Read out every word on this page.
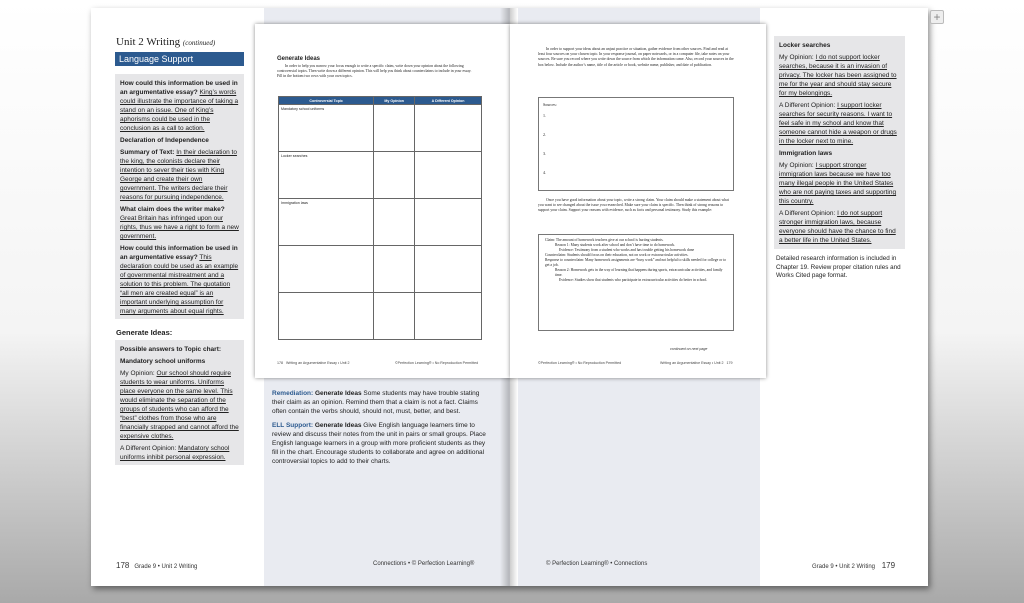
Unit 2 Writing (continued)
Language Support

How could this information be used in an argumentative essay? King’s words could illustrate the importance of taking a stand on an issue. One of King’s aphorisms could be used in the conclusion as a call to action.

Declaration of Independence

Summary of Text: In their declaration to the king, the colonists declare their intention to sever their ties with King George and create their own government. The writers declare their reasons for pursuing independence.

What claim does the writer make? Great Britain has infringed upon our rights, thus we have a right to form a new government.

How could this information be used in an argumentative essay? This declaration could be used as an example of governmental mistreatment and a solution to this problem. The quotation “all men are created equal” is an important underlying assumption for many arguments about equal rights.

Generate Ideas:

Possible answers to Topic chart:

Mandatory school uniforms

My Opinion: Our school should require students to wear uniforms. Uniforms place everyone on the same level. This would eliminate the separation of the groups of students who can afford the “best” clothes from those who are financially strapped and cannot afford the expensive clothes.

A Different Opinion: Mandatory school uniforms inhibit personal expression.

Generate Ideas
In order to help you narrow your focus enough to write a specific claim, write down your opinion about the following controversial topics. Then write down a different opinion. This will help you think about counterclaims to include in your essay. Fill in the bottom two rows with your own topics.
Controversial Topic	My Opinion	A Different Opinion
Mandatory school uniforms		
Locker searches		
Immigration laws		

178 Writing an Argumentative Essay • Unit 2	©Perfection Learning® • No Reproduction Permitted
In order to support your ideas about an unjust practice or situation, gather evidence from other sources. Find and read at least four sources on your chosen topic. In your response journal, on paper notecards, or in a computer file, take notes on your sources. Be sure you record where you write down the source from which the information came. Also, record your sources in the box below. Include the author’s name, title of the article or book, website name, publisher, and date of publication.
Sources:
1.
2.
3.
4.
Once you have good information about your topic, write a strong claim. Your claim should make a statement about what you want to see changed about the issue you researched. Make sure your claim is specific. Then think of strong reasons to support your claim. Support your reasons with evidence, such as facts and personal testimony. Study this example:
Claim: The amount of homework teachers give at our school is hurting students.
Reason 1: Many students work after school and don’t have time to do homework.
Evidence: Testimony from a student who works and has trouble getting his homework done
Counterclaim: Students should focus on their education, not on work or extracurricular activities.
Response to counterclaim: Many homework assignments are “busy work” and not helpful to skills needed for college or to get a job.
Reason 2: Homework gets in the way of learning that happens during sports, extracurricular activities, and family time.
Evidence: Studies show that students who participate in extracurricular activities do better in school.
continued on next page
©Perfection Learning® • No Reproduction Permitted	Writing an Argumentative Essay • Unit 2 179

Remediation: Generate Ideas Some students may have trouble stating their claim as an opinion. Remind them that a claim is not a fact. Claims often contain the verbs should, should not, must, better, and best.

ELL Support: Generate Ideas Give English language learners time to review and discuss their notes from the unit in pairs or small groups. Place English language learners in a group with more proficient students as they fill in the chart. Encourage students to collaborate and agree on additional controversial topics to add to their charts.

Locker searches

My Opinion: I do not support locker searches, because it is an invasion of privacy. The locker has been assigned to me for the year and should stay secure for my belongings.

A Different Opinion: I support locker searches for security reasons. I want to feel safe in my school and know that someone cannot hide a weapon or drugs in the locker next to mine.

Immigration laws

My Opinion: I support stronger immigration laws because we have too many illegal people in the United States who are not paying taxes and supporting this country.

A Different Opinion: I do not support stronger immigration laws, because everyone should have the chance to find a better life in the United States.

Detailed research information is included in Chapter 19. Review proper citation rules and Works Cited page format.
178 Grade 9 • Unit 2 Writing	Connections • © Perfection Learning®	© Perfection Learning® • Connections	Grade 9 • Unit 2 Writing 179
+
